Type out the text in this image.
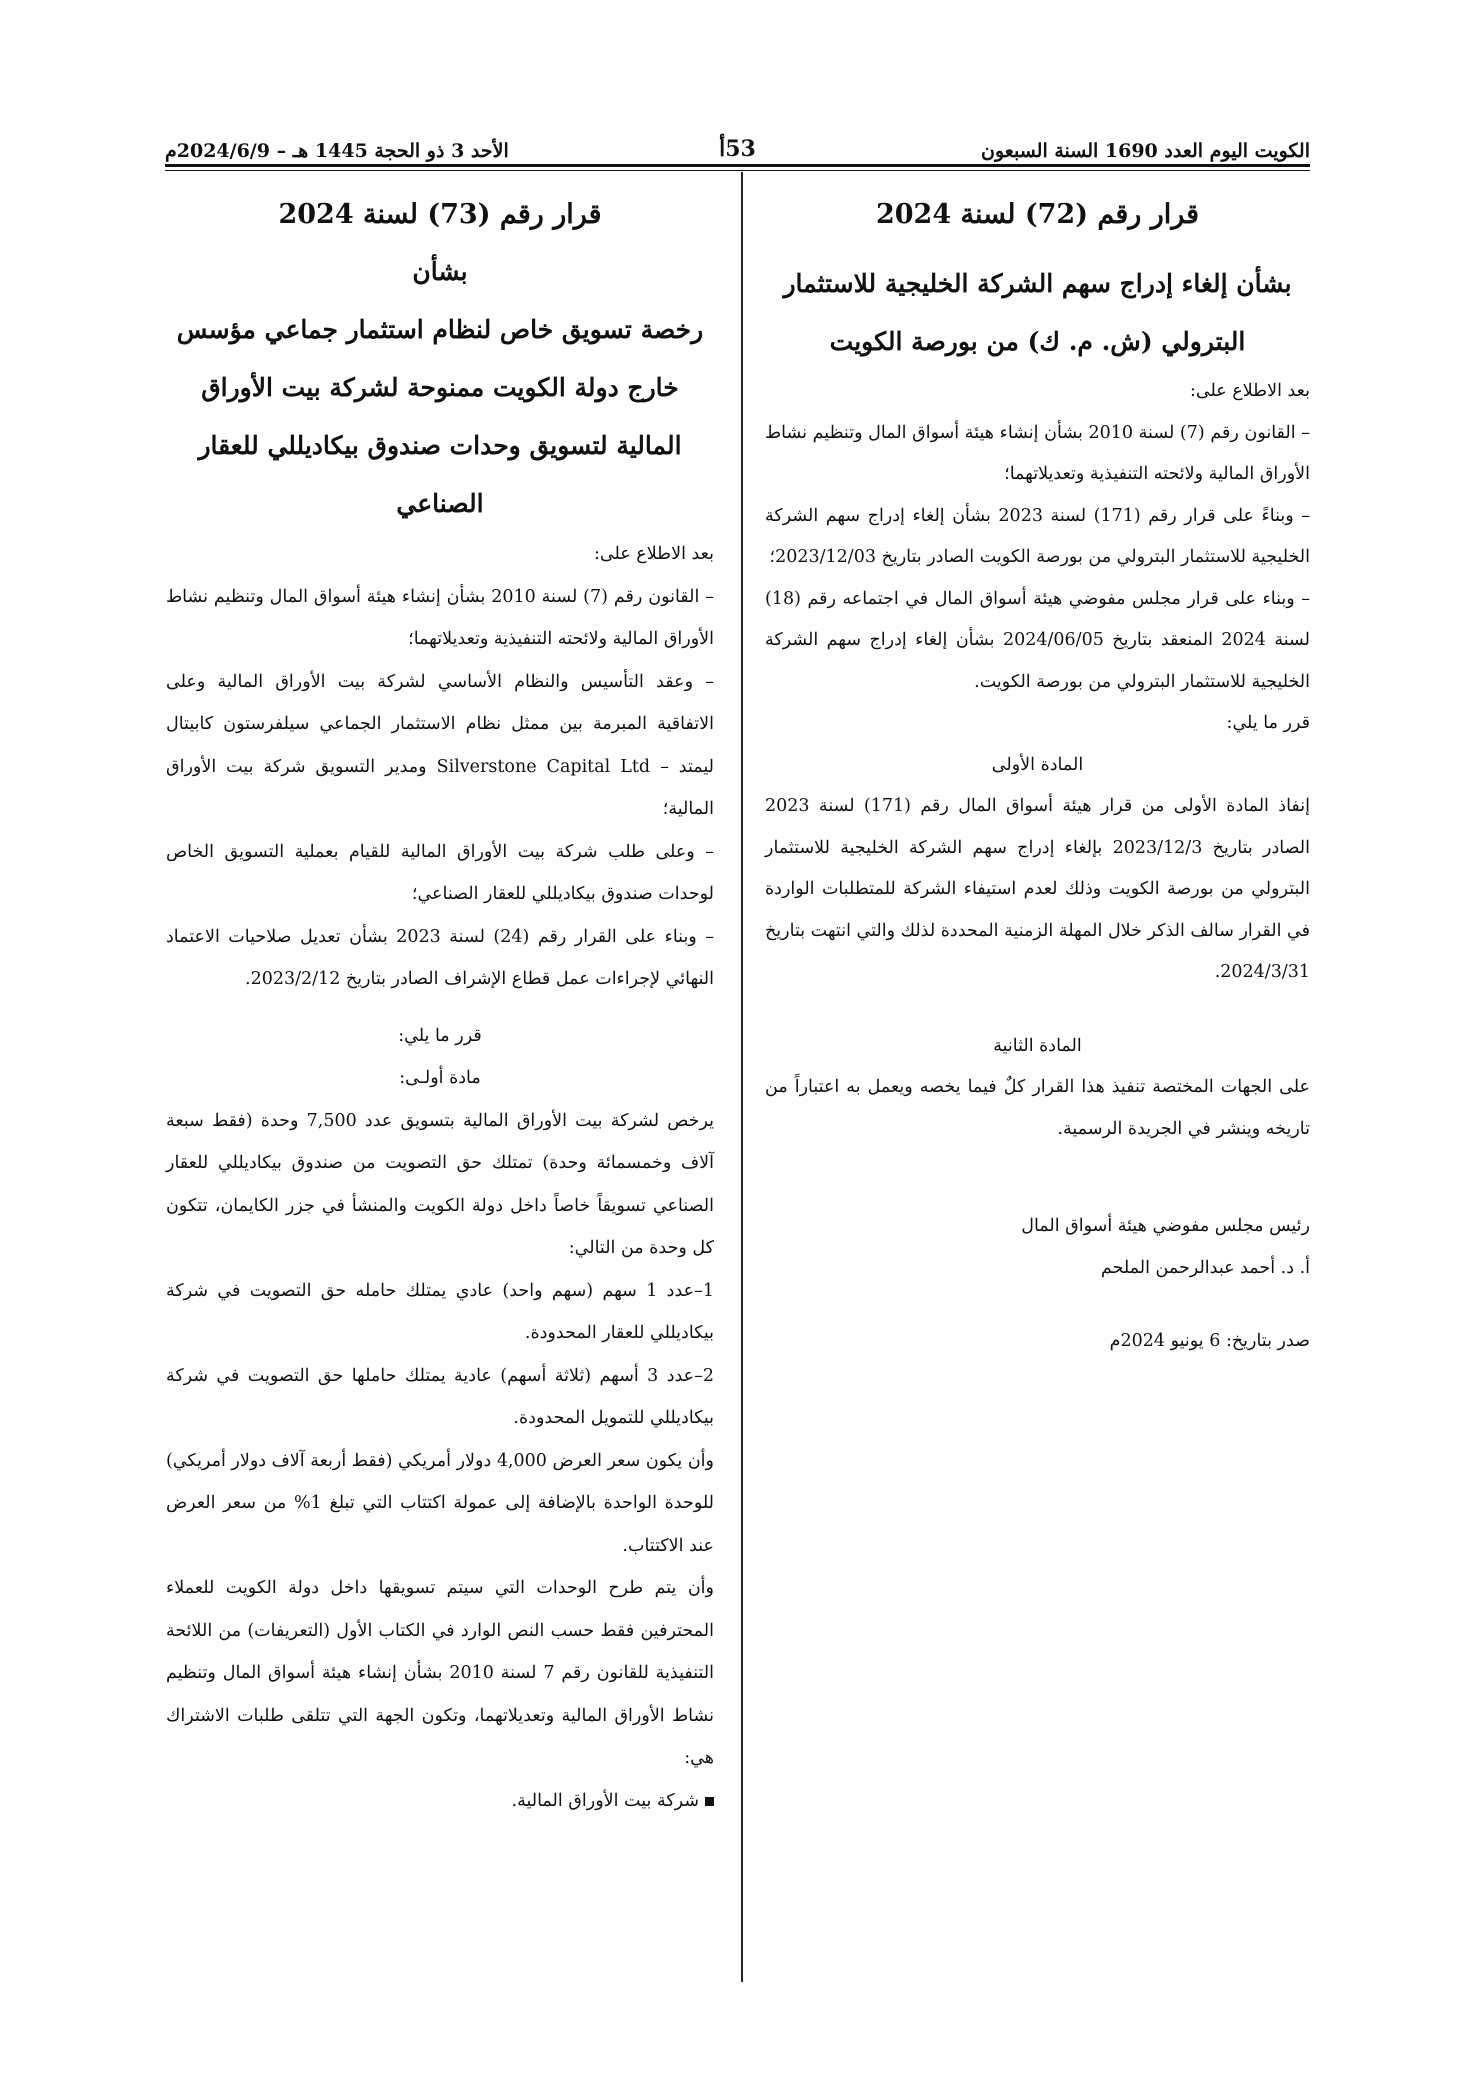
الكويت اليوم العدد 1690 السنة السبعون
53أ
الأحد 3 ذو الحجة 1445 هـ – 2024/6/9م
قرار رقم (72) لسنة 2024
بشأن إلغاء إدراج سهم الشركة الخليجية للاستثمار
البترولي (ش. م. ك) من بورصة الكويت

بعد الاطلاع على:

– القانون رقم (7) لسنة 2010 بشأن إنشاء هيئة أسواق المال وتنظيم نشاط الأوراق المالية ولائحته التنفيذية وتعديلاتهما؛

– وبناءً على قرار رقم (171) لسنة 2023 بشأن إلغاء إدراج سهم الشركة الخليجية للاستثمار البترولي من بورصة الكويت الصادر بتاريخ 2023/12/03؛

– وبناء على قرار مجلس مفوضي هيئة أسواق المال في اجتماعه رقم (18) لسنة 2024 المنعقد بتاريخ 2024/06/05 بشأن إلغاء إدراج سهم الشركة الخليجية للاستثمار البترولي من بورصة الكويت.

قرر ما يلي:

المادة الأولى

إنفاذ المادة الأولى من قرار هيئة أسواق المال رقم (171) لسنة 2023 الصادر بتاريخ 2023/12/3 بإلغاء إدراج سهم الشركة الخليجية للاستثمار البترولي من بورصة الكويت وذلك لعدم استيفاء الشركة للمتطلبات الواردة في القرار سالف الذكر خلال المهلة الزمنية المحددة لذلك والتي انتهت بتاريخ 2024/3/31.

المادة الثانية

على الجهات المختصة تنفيذ هذا القرار كلٌ فيما يخصه ويعمل به اعتباراً من تاريخه وينشر في الجريدة الرسمية.

رئيس مجلس مفوضي هيئة أسواق المال

أ. د. أحمد عبدالرحمن الملحم

صدر بتاريخ: 6 يونيو 2024م

قرار رقم (73) لسنة 2024
بشأن
رخصة تسويق خاص لنظام استثمار جماعي مؤسس
خارج دولة الكويت ممنوحة لشركة بيت الأوراق
المالية لتسويق وحدات صندوق بيكاديللي للعقار
الصناعي

بعد الاطلاع على:

– القانون رقم (7) لسنة 2010 بشأن إنشاء هيئة أسواق المال وتنظيم نشاط الأوراق المالية ولائحته التنفيذية وتعديلاتهما؛

– وعقد التأسيس والنظام الأساسي لشركة بيت الأوراق المالية وعلى الاتفاقية المبرمة بين ممثل نظام الاستثمار الجماعي سيلفرستون كابيتال ليمتد – Silverstone Capital Ltd ومدير التسويق شركة بيت الأوراق المالية؛

– وعلى طلب شركة بيت الأوراق المالية للقيام بعملية التسويق الخاص لوحدات صندوق بيكاديللي للعقار الصناعي؛

– وبناء على القرار رقم (24) لسنة 2023 بشأن تعديل صلاحيات الاعتماد النهائي لإجراءات عمل قطاع الإشراف الصادر بتاريخ 2023/2/12.

قرر ما يلي:

مادة أولـى:

يرخص لشركة بيت الأوراق المالية بتسويق عدد 7,500 وحدة (فقط سبعة آلاف وخمسمائة وحدة) تمتلك حق التصويت من صندوق بيكاديللي للعقار الصناعي تسويقاً خاصاً داخل دولة الكويت والمنشأ في جزر الكايمان، تتكون كل وحدة من التالي:

1–عدد 1 سهم (سهم واحد) عادي يمتلك حامله حق التصويت في شركة بيكاديللي للعقار المحدودة.

2–عدد 3 أسهم (ثلاثة أسهم) عادية يمتلك حاملها حق التصويت في شركة بيكاديللي للتمويل المحدودة.

وأن يكون سعر العرض 4,000 دولار أمريكي (فقط أربعة آلاف دولار أمريكي) للوحدة الواحدة بالإضافة إلى عمولة اكتتاب التي تبلغ 1% من سعر العرض عند الاكتتاب.

وأن يتم طرح الوحدات التي سيتم تسويقها داخل دولة الكويت للعملاء المحترفين فقط حسب النص الوارد في الكتاب الأول (التعريفات) من اللائحة التنفيذية للقانون رقم 7 لسنة 2010 بشأن إنشاء هيئة أسواق المال وتنظيم نشاط الأوراق المالية وتعديلاتهما، وتكون الجهة التي تتلقى طلبات الاشتراك هي:

شركة بيت الأوراق المالية.
